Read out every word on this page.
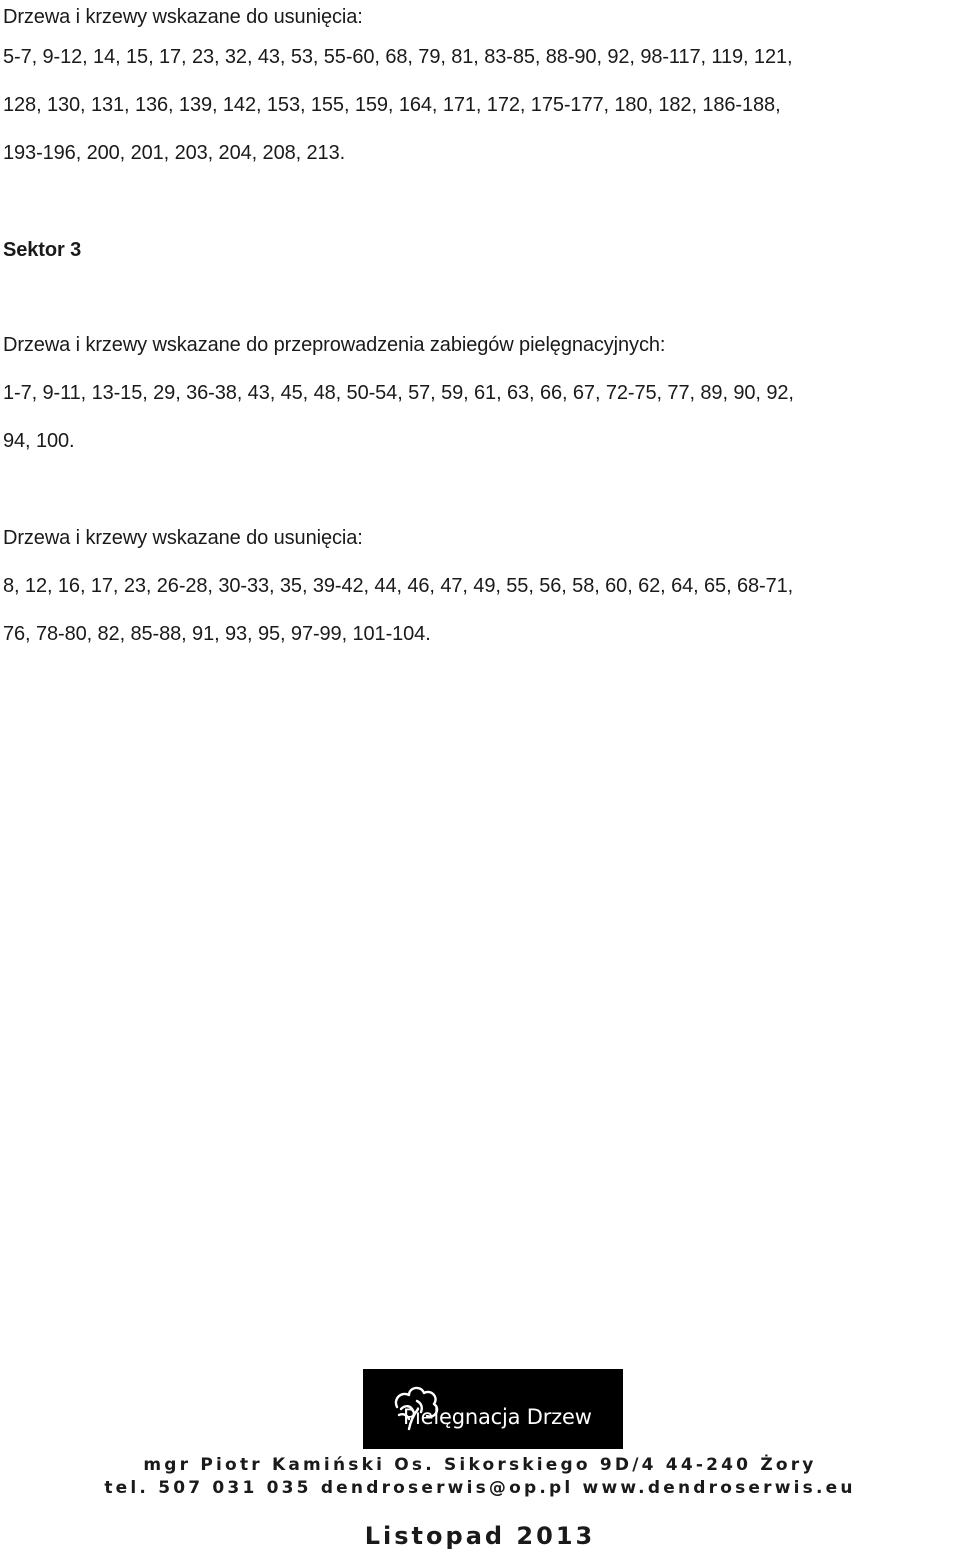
Drzewa i krzewy wskazane do usunięcia:
5-7, 9-12, 14, 15, 17, 23, 32, 43, 53, 55-60, 68, 79, 81, 83-85, 88-90, 92, 98-117, 119, 121,
128, 130, 131, 136, 139, 142, 153, 155, 159, 164, 171, 172, 175-177, 180, 182, 186-188,
193-196, 200, 201, 203, 204, 208, 213.
Sektor 3
Drzewa i krzewy wskazane do przeprowadzenia zabiegów pielęgnacyjnych:
1-7, 9-11, 13-15, 29, 36-38, 43, 45, 48, 50-54, 57, 59, 61, 63, 66, 67, 72-75, 77, 89, 90, 92,
94, 100.
Drzewa i krzewy wskazane do usunięcia:
8, 12, 16, 17, 23, 26-28, 30-33, 35, 39-42, 44, 46, 47, 49, 55, 56, 58, 60, 62, 64, 65, 68-71,
76, 78-80, 82, 85-88, 91, 93, 95, 97-99, 101-104.
Pielęgnacja Drzew
mgr Piotr Kamiński Os. Sikorskiego 9D/4 44-240 Żory
tel. 507 031 035 dendroserwis@op.pl www.dendroserwis.eu
Listopad 2013
